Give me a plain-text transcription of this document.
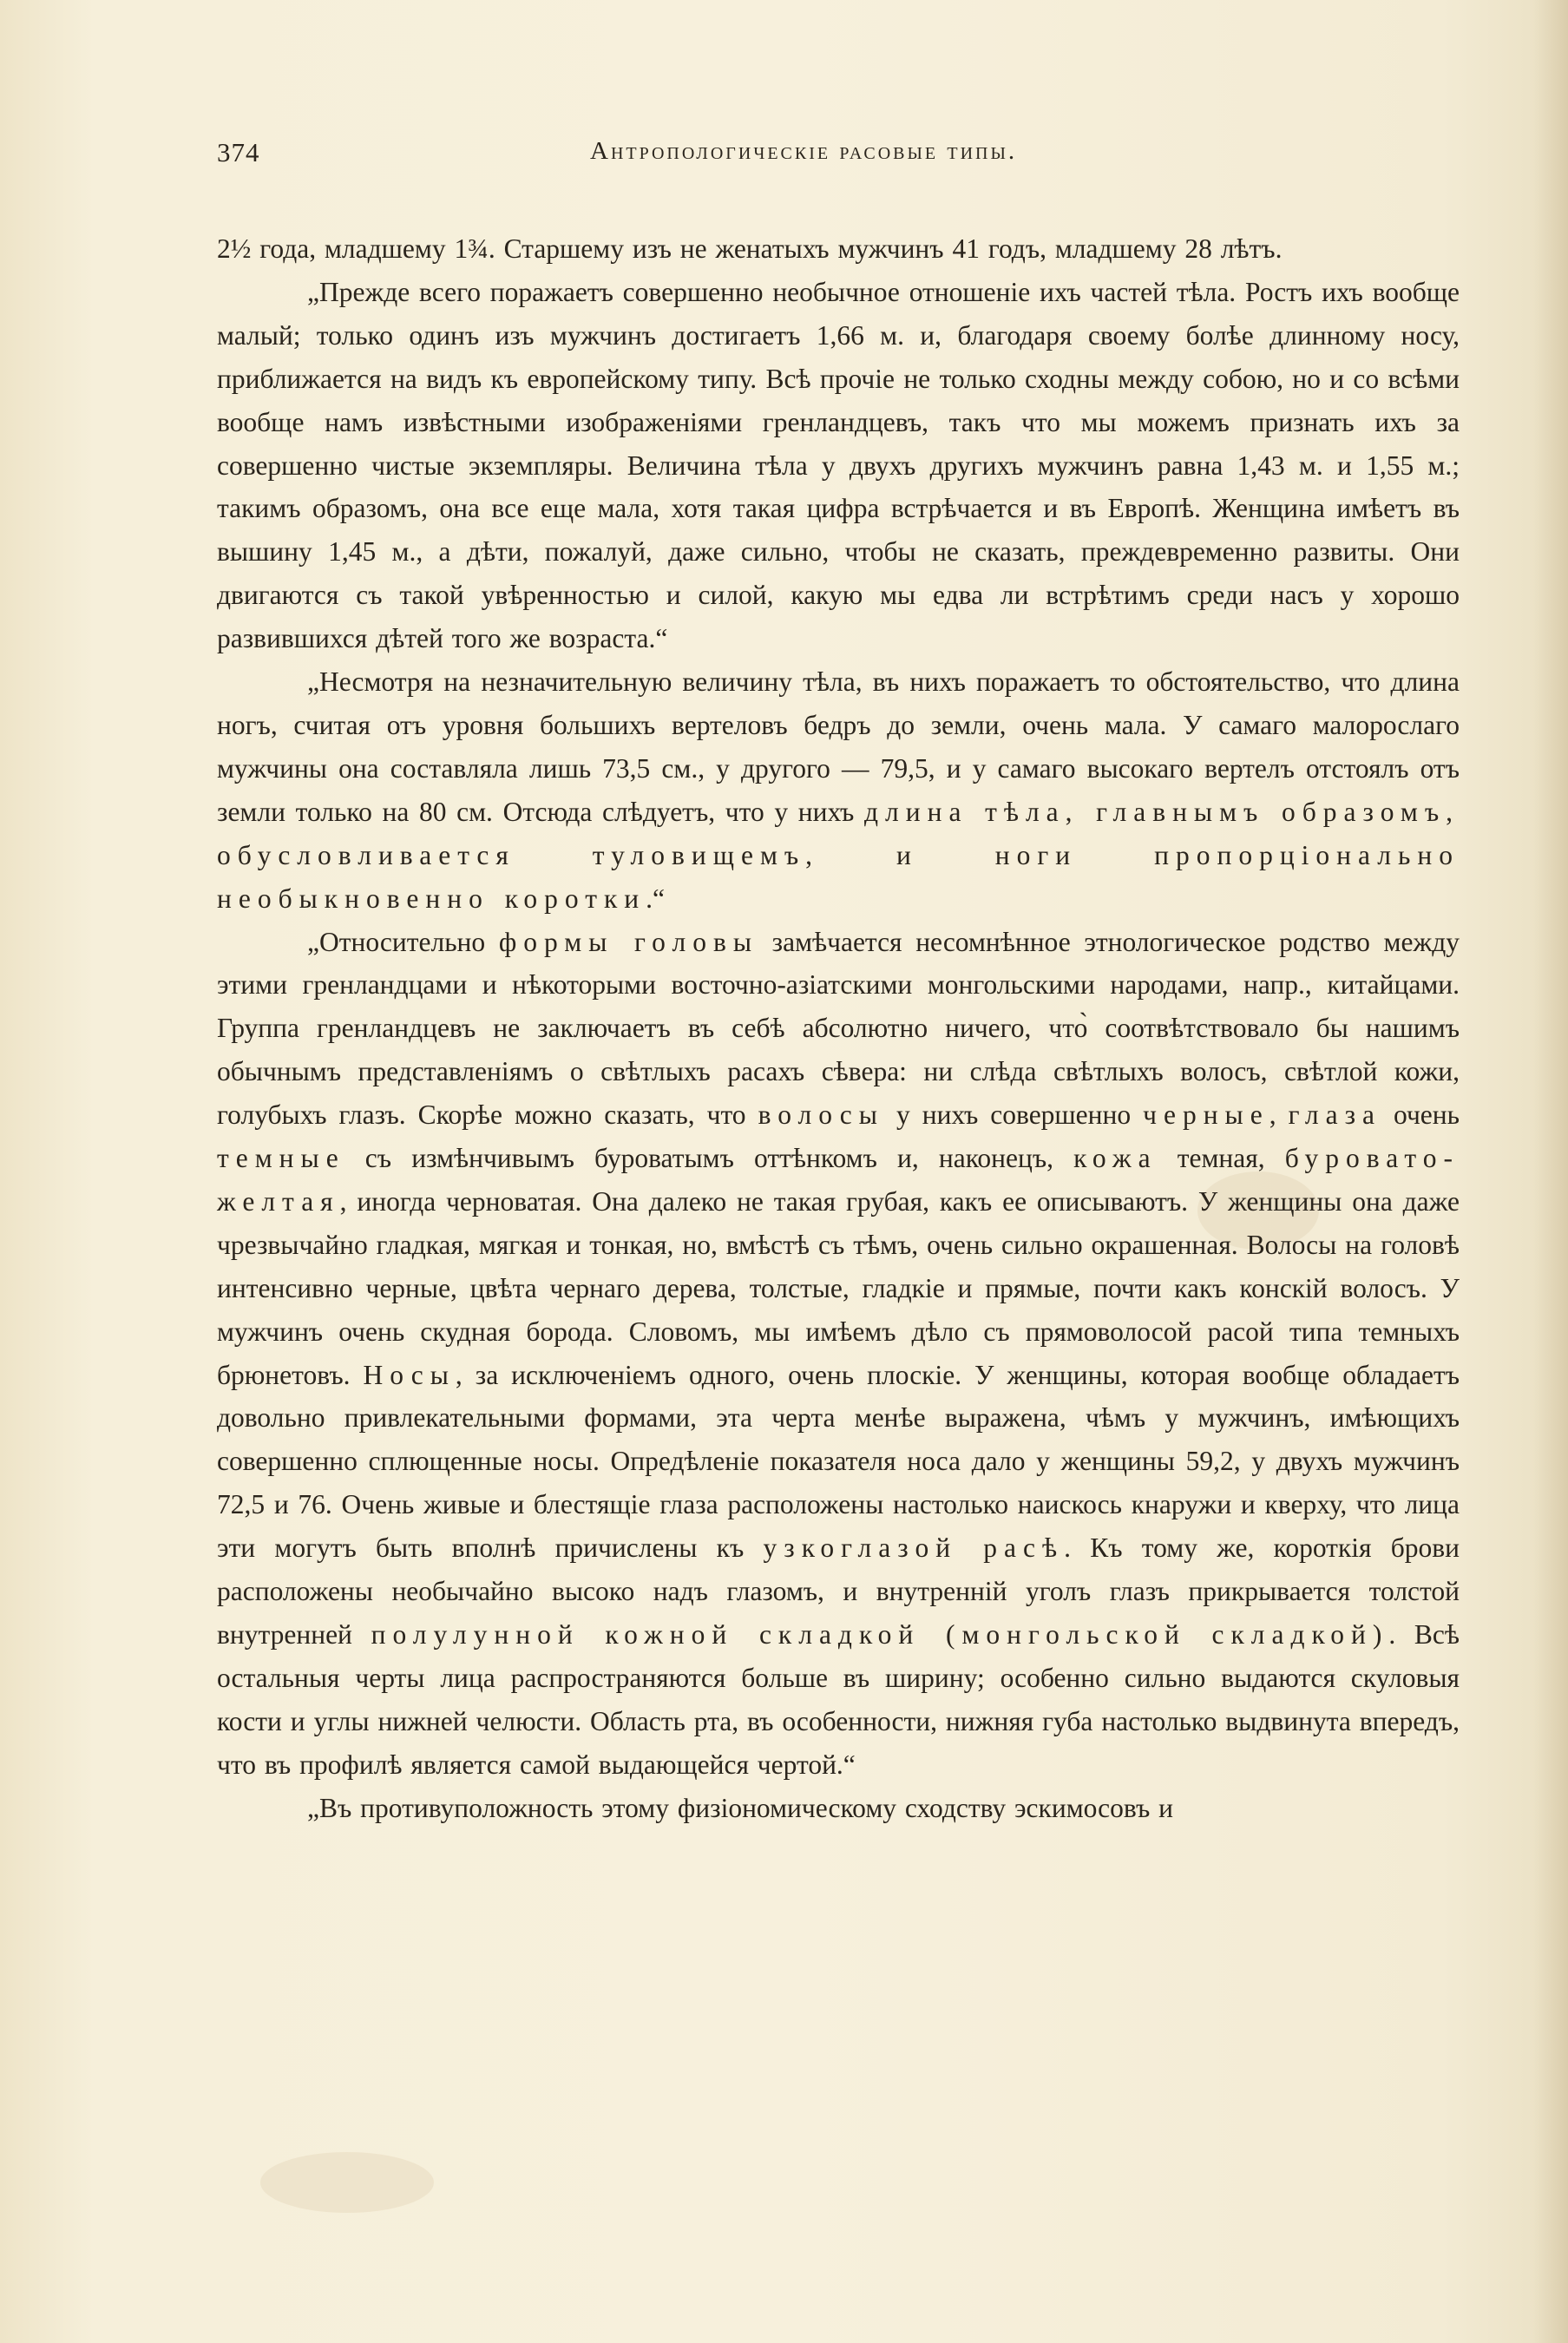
374	Антропологическіе расовые типы.

2½ года, младшему 1¾. Старшему изъ не женатыхъ мужчинъ 41 годъ, младшему 28 лѣтъ.

„Прежде всего поражаетъ совершенно необычное отношеніе ихъ частей тѣла. Ростъ ихъ вообще малый; только одинъ изъ мужчинъ достигаетъ 1,66 м. и, благодаря своему болѣе длинному носу, приближается на видъ къ европейскому типу. Всѣ прочіе не только сходны между собою, но и со всѣми вообще намъ извѣстными изображеніями гренландцевъ, такъ что мы можемъ признать ихъ за совершенно чистые экземпляры. Величина тѣла у двухъ другихъ мужчинъ равна 1,43 м. и 1,55 м.; такимъ образомъ, она все еще мала, хотя такая цифра встрѣчается и въ Европѣ. Женщина имѣетъ въ вышину 1,45 м., а дѣти, пожалуй, даже сильно, чтобы не сказать, преждевременно развиты. Они двигаются съ такой увѣренностью и силой, какую мы едва ли встрѣтимъ среди насъ у хорошо развившихся дѣтей того же возраста.“

„Несмотря на незначительную величину тѣла, въ нихъ поражаетъ то обстоятельство, что длина ногъ, считая отъ уровня большихъ вертеловъ бедръ до земли, очень мала. У самаго малорослаго мужчины она составляла лишь 73,5 см., у другого — 79,5, и у самаго высокаго вертелъ отстоялъ отъ земли только на 80 см. Отсюда слѣдуетъ, что у нихъ длина тѣла, главнымъ образомъ, обусловливается туловищемъ, и ноги пропорціонально необыкновенно коротки.“

„Относительно формы головы замѣчается несомнѣнное этнологическое родство между этими гренландцами и нѣкоторыми восточно-азіатскими монгольскими народами, напр., китайцами. Группа гренландцевъ не заключаетъ въ себѣ абсолютно ничего, что̀ соотвѣтствовало бы нашимъ обычнымъ представленіямъ о свѣтлыхъ расахъ сѣвера: ни слѣда свѣтлыхъ волосъ, свѣтлой кожи, голубыхъ глазъ. Скорѣе можно сказать, что волосы у нихъ совершенно черные, глаза очень темные съ измѣнчивымъ буроватымъ оттѣнкомъ и, наконецъ, кожа темная, буровато-желтая, иногда черноватая. Она далеко не такая грубая, какъ ее описываютъ. У женщины она даже чрезвычайно гладкая, мягкая и тонкая, но, вмѣстѣ съ тѣмъ, очень сильно окрашенная. Волосы на головѣ интенсивно черные, цвѣта чернаго дерева, толстые, гладкіе и прямые, почти какъ конскій волосъ. У мужчинъ очень скудная борода. Словомъ, мы имѣемъ дѣло съ прямоволосой расой типа темныхъ брюнетовъ. Носы, за исключеніемъ одного, очень плоскіе. У женщины, которая вообще обладаетъ довольно привлекательными формами, эта черта менѣе выражена, чѣмъ у мужчинъ, имѣющихъ совершенно сплющенные носы. Опредѣленіе показателя носа дало у женщины 59,2, у двухъ мужчинъ 72,5 и 76. Очень живые и блестящіе глаза расположены настолько наискось кнаружи и кверху, что лица эти могутъ быть вполнѣ причислены къ узкоглазой расѣ. Къ тому же, короткія брови расположены необычайно высоко надъ глазомъ, и внутренній уголъ глазъ прикрывается толстой внутренней полулунной кожной складкой (монгольской складкой). Всѣ остальныя черты лица распространяются больше въ ширину; особенно сильно выдаются скуловыя кости и углы нижней челюсти. Область рта, въ особенности, нижняя губа настолько выдвинута впередъ, что въ профилѣ является самой выдающейся чертой.“

„Въ противуположность этому физіономическому сходству эскимосовъ и
